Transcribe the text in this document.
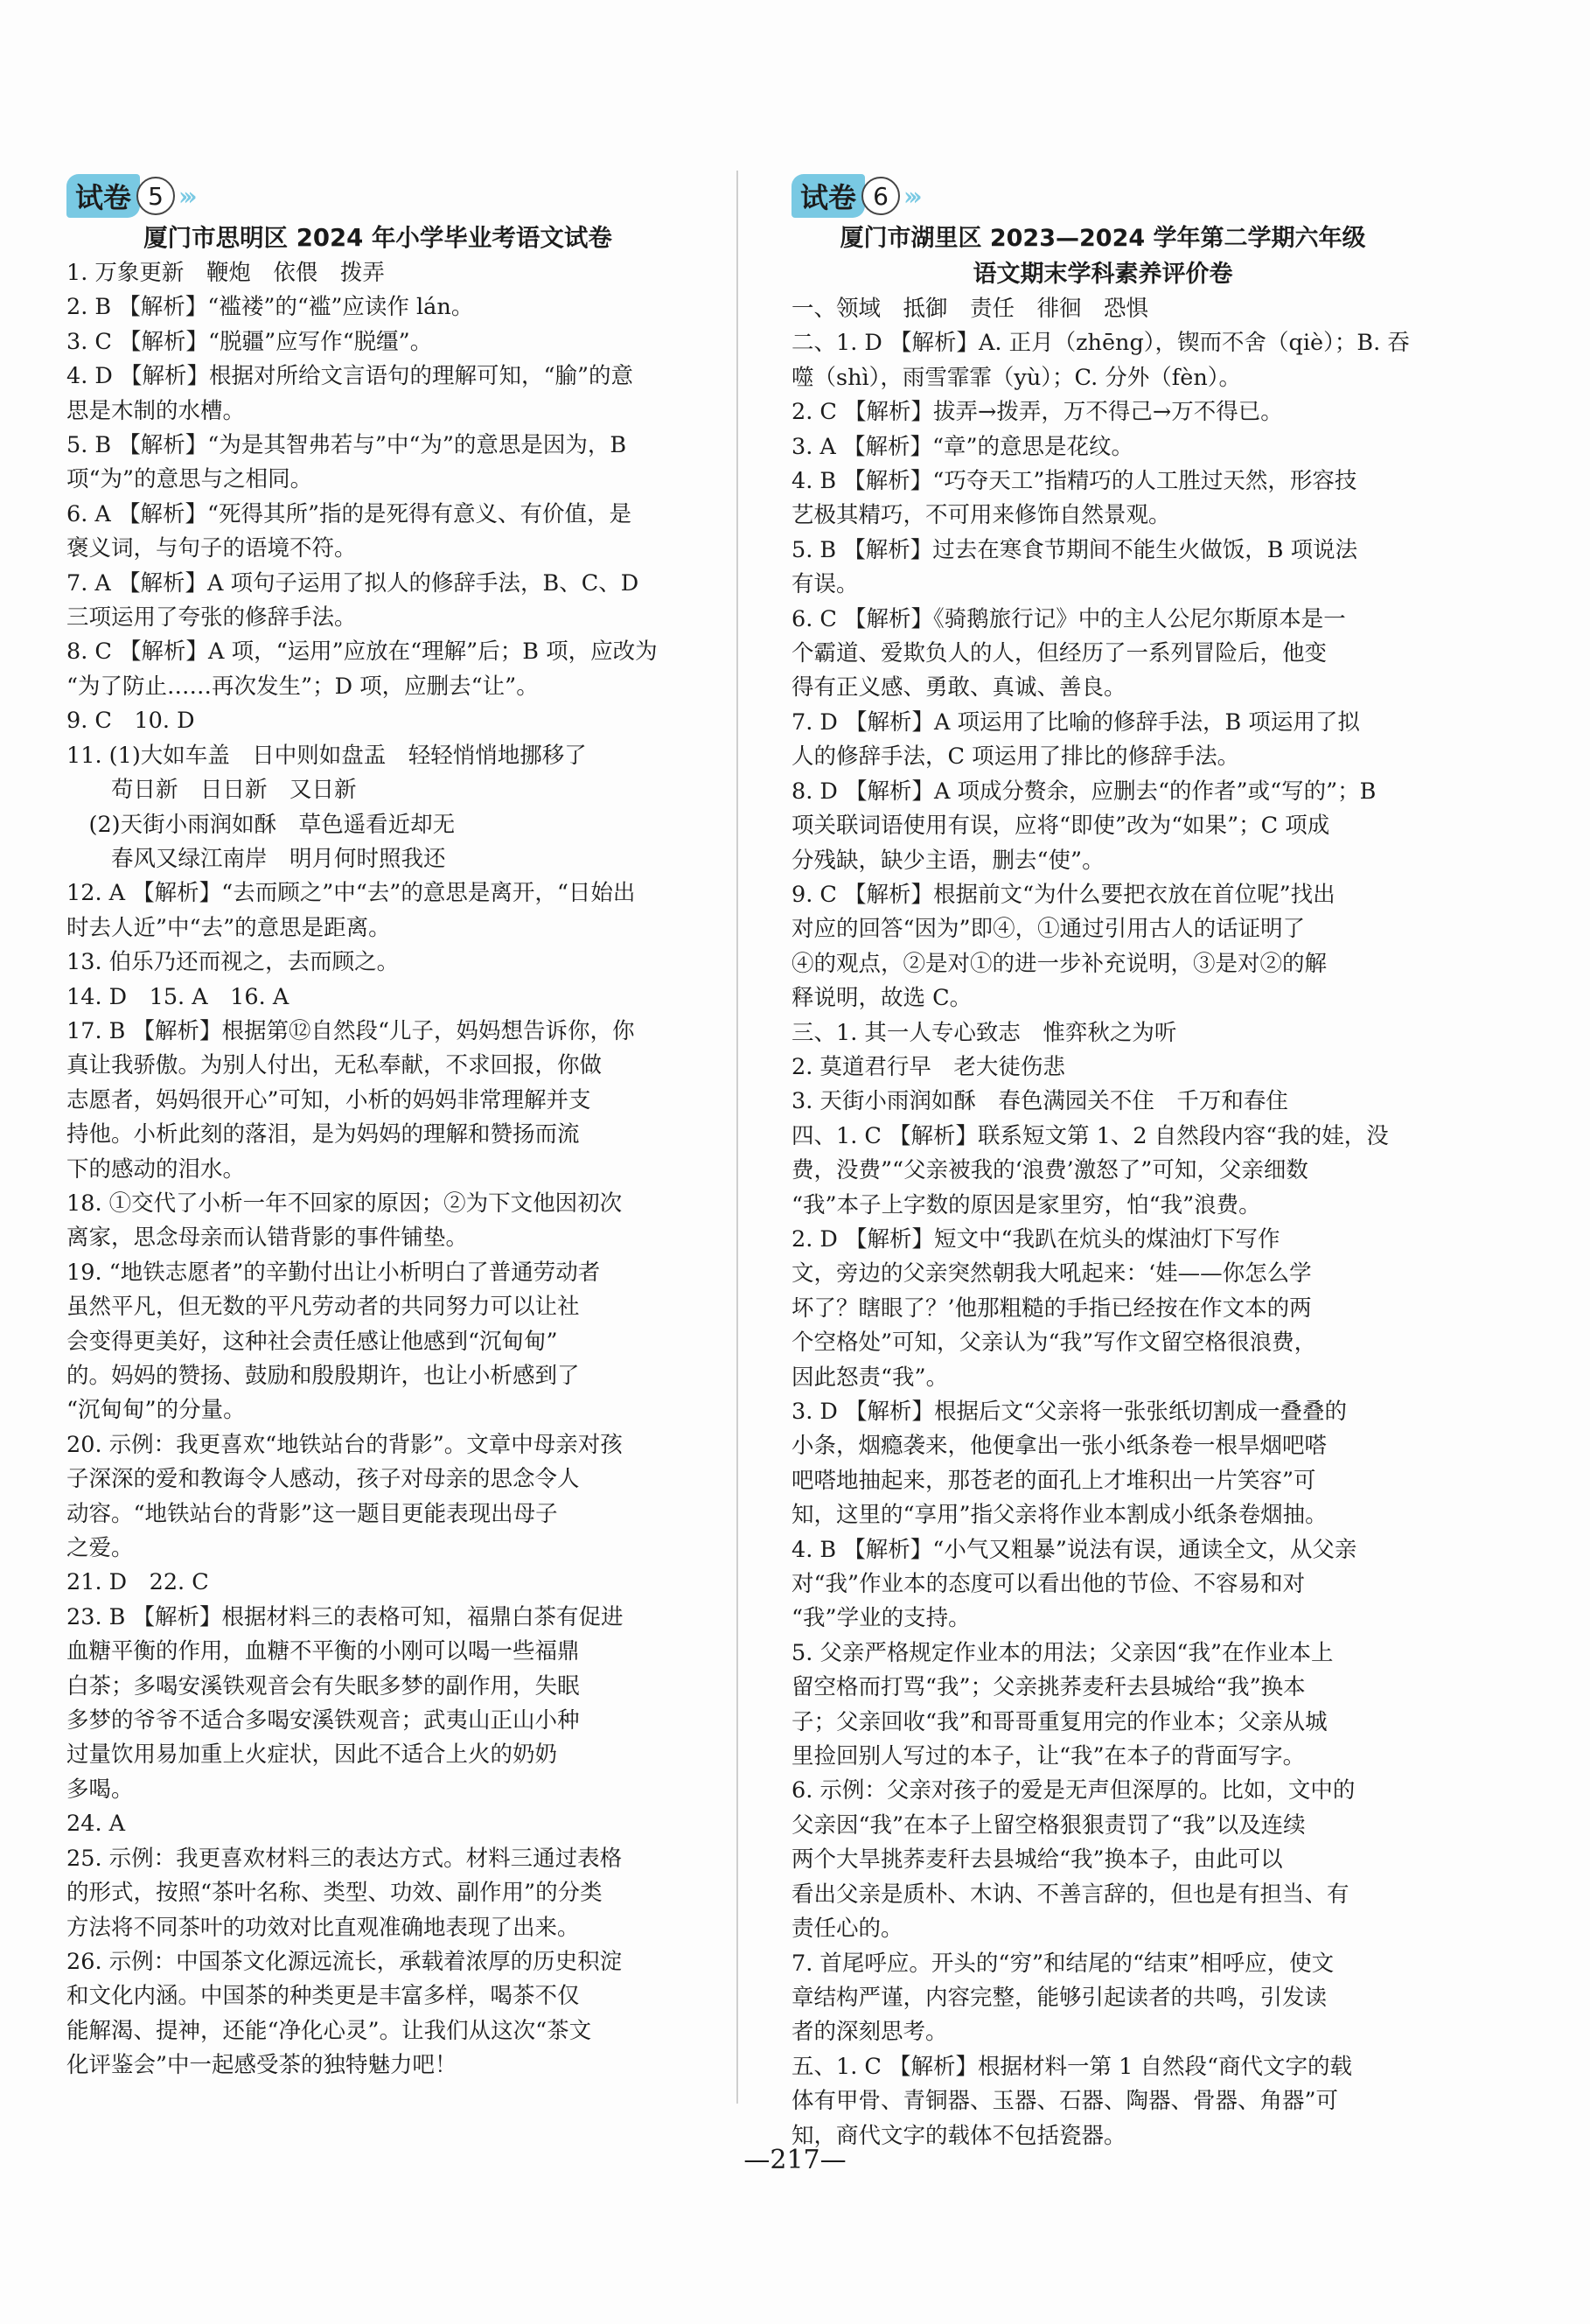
试卷 5 ›››
厦门市思明区 2024 年小学毕业考语文试卷
1. 万象更新　鞭炮　依偎　拨弄
2. B 【解析】“褴褛”的“褴”应读作 lán。
3. C 【解析】“脱疆”应写作“脱缰”。
4. D 【解析】根据对所给文言语句的理解可知，“腧”的意
思是木制的水槽。
5. B 【解析】“为是其智弗若与”中“为”的意思是因为，B
项“为”的意思与之相同。
6. A 【解析】“死得其所”指的是死得有意义、有价值，是
褒义词，与句子的语境不符。
7. A 【解析】A 项句子运用了拟人的修辞手法，B、C、D
三项运用了夸张的修辞手法。
8. C 【解析】A 项，“运用”应放在“理解”后；B 项，应改为
“为了防止……再次发生”；D 项，应删去“让”。
9. C　10. D
11. (1)大如车盖　日中则如盘盂　轻轻悄悄地挪移了
　　苟日新　日日新　又日新
　(2)天街小雨润如酥　草色遥看近却无
　　春风又绿江南岸　明月何时照我还
12. A 【解析】“去而顾之”中“去”的意思是离开，“日始出
时去人近”中“去”的意思是距离。
13. 伯乐乃还而视之，去而顾之。
14. D　15. A　16. A
17. B 【解析】根据第⑫自然段“儿子，妈妈想告诉你，你
真让我骄傲。为别人付出，无私奉献，不求回报，你做
志愿者，妈妈很开心”可知，小析的妈妈非常理解并支
持他。小析此刻的落泪，是为妈妈的理解和赞扬而流
下的感动的泪水。
18. ①交代了小析一年不回家的原因；②为下文他因初次
离家，思念母亲而认错背影的事件铺垫。
19. “地铁志愿者”的辛勤付出让小析明白了普通劳动者
虽然平凡，但无数的平凡劳动者的共同努力可以让社
会变得更美好，这种社会责任感让他感到“沉甸甸”
的。妈妈的赞扬、鼓励和殷殷期许，也让小析感到了
“沉甸甸”的分量。
20. 示例：我更喜欢“地铁站台的背影”。文章中母亲对孩
子深深的爱和教诲令人感动，孩子对母亲的思念令人
动容。“地铁站台的背影”这一题目更能表现出母子
之爱。
21. D　22. C
23. B 【解析】根据材料三的表格可知，福鼎白茶有促进
血糖平衡的作用，血糖不平衡的小刚可以喝一些福鼎
白茶；多喝安溪铁观音会有失眠多梦的副作用，失眠
多梦的爷爷不适合多喝安溪铁观音；武夷山正山小种
过量饮用易加重上火症状，因此不适合上火的奶奶
多喝。
24. A
25. 示例：我更喜欢材料三的表达方式。材料三通过表格
的形式，按照“茶叶名称、类型、功效、副作用”的分类
方法将不同茶叶的功效对比直观准确地表现了出来。
26. 示例：中国茶文化源远流长，承载着浓厚的历史积淀
和文化内涵。中国茶的种类更是丰富多样，喝茶不仅
能解渴、提神，还能“净化心灵”。让我们从这次“茶文
化评鉴会”中一起感受茶的独特魅力吧！
试卷 6 ›››
厦门市湖里区 2023—2024 学年第二学期六年级
语文期末学科素养评价卷
一、领域　抵御　责任　徘徊　恐惧
二、1. D 【解析】A. 正月（zhēng），锲而不舍（qiè）；B. 吞
噬（shì），雨雪霏霏（yù）；C. 分外（fèn）。
2. C 【解析】拔弄→拨弄，万不得己→万不得已。
3. A 【解析】“章”的意思是花纹。
4. B 【解析】“巧夺天工”指精巧的人工胜过天然，形容技
艺极其精巧，不可用来修饰自然景观。
5. B 【解析】过去在寒食节期间不能生火做饭，B 项说法
有误。
6. C 【解析】《骑鹅旅行记》中的主人公尼尔斯原本是一
个霸道、爱欺负人的人，但经历了一系列冒险后，他变
得有正义感、勇敢、真诚、善良。
7. D 【解析】A 项运用了比喻的修辞手法，B 项运用了拟
人的修辞手法，C 项运用了排比的修辞手法。
8. D 【解析】A 项成分赘余，应删去“的作者”或“写的”；B
项关联词语使用有误，应将“即使”改为“如果”；C 项成
分残缺，缺少主语，删去“使”。
9. C 【解析】根据前文“为什么要把衣放在首位呢”找出
对应的回答“因为”即④，①通过引用古人的话证明了
④的观点，②是对①的进一步补充说明，③是对②的解
释说明，故选 C。
三、1. 其一人专心致志　惟弈秋之为听
2. 莫道君行早　老大徒伤悲
3. 天街小雨润如酥　春色满园关不住　千万和春住
四、1. C 【解析】联系短文第 1、2 自然段内容“我的娃，没
费，没费”“父亲被我的‘浪费’激怒了”可知，父亲细数
“我”本子上字数的原因是家里穷，怕“我”浪费。
2. D 【解析】短文中“我趴在炕头的煤油灯下写作
文，旁边的父亲突然朝我大吼起来：‘娃——你怎么学
坏了？瞎眼了？’他那粗糙的手指已经按在作文本的两
个空格处”可知，父亲认为“我”写作文留空格很浪费，
因此怒责“我”。
3. D 【解析】根据后文“父亲将一张张纸切割成一叠叠的
小条，烟瘾袭来，他便拿出一张小纸条卷一根旱烟吧嗒
吧嗒地抽起来，那苍老的面孔上才堆积出一片笑容”可
知，这里的“享用”指父亲将作业本割成小纸条卷烟抽。
4. B 【解析】“小气又粗暴”说法有误，通读全文，从父亲
对“我”作业本的态度可以看出他的节俭、不容易和对
“我”学业的支持。
5. 父亲严格规定作业本的用法；父亲因“我”在作业本上
留空格而打骂“我”；父亲挑荞麦秆去县城给“我”换本
子；父亲回收“我”和哥哥重复用完的作业本；父亲从城
里捡回别人写过的本子，让“我”在本子的背面写字。
6. 示例：父亲对孩子的爱是无声但深厚的。比如，文中的
父亲因“我”在本子上留空格狠狠责罚了“我”以及连续
两个大旱挑荞麦秆去县城给“我”换本子，由此可以
看出父亲是质朴、木讷、不善言辞的，但也是有担当、有
责任心的。
7. 首尾呼应。开头的“穷”和结尾的“结束”相呼应，使文
章结构严谨，内容完整，能够引起读者的共鸣，引发读
者的深刻思考。
五、1. C 【解析】根据材料一第 1 自然段“商代文字的载
体有甲骨、青铜器、玉器、石器、陶器、骨器、角器”可
知，商代文字的载体不包括瓷器。
—217—
